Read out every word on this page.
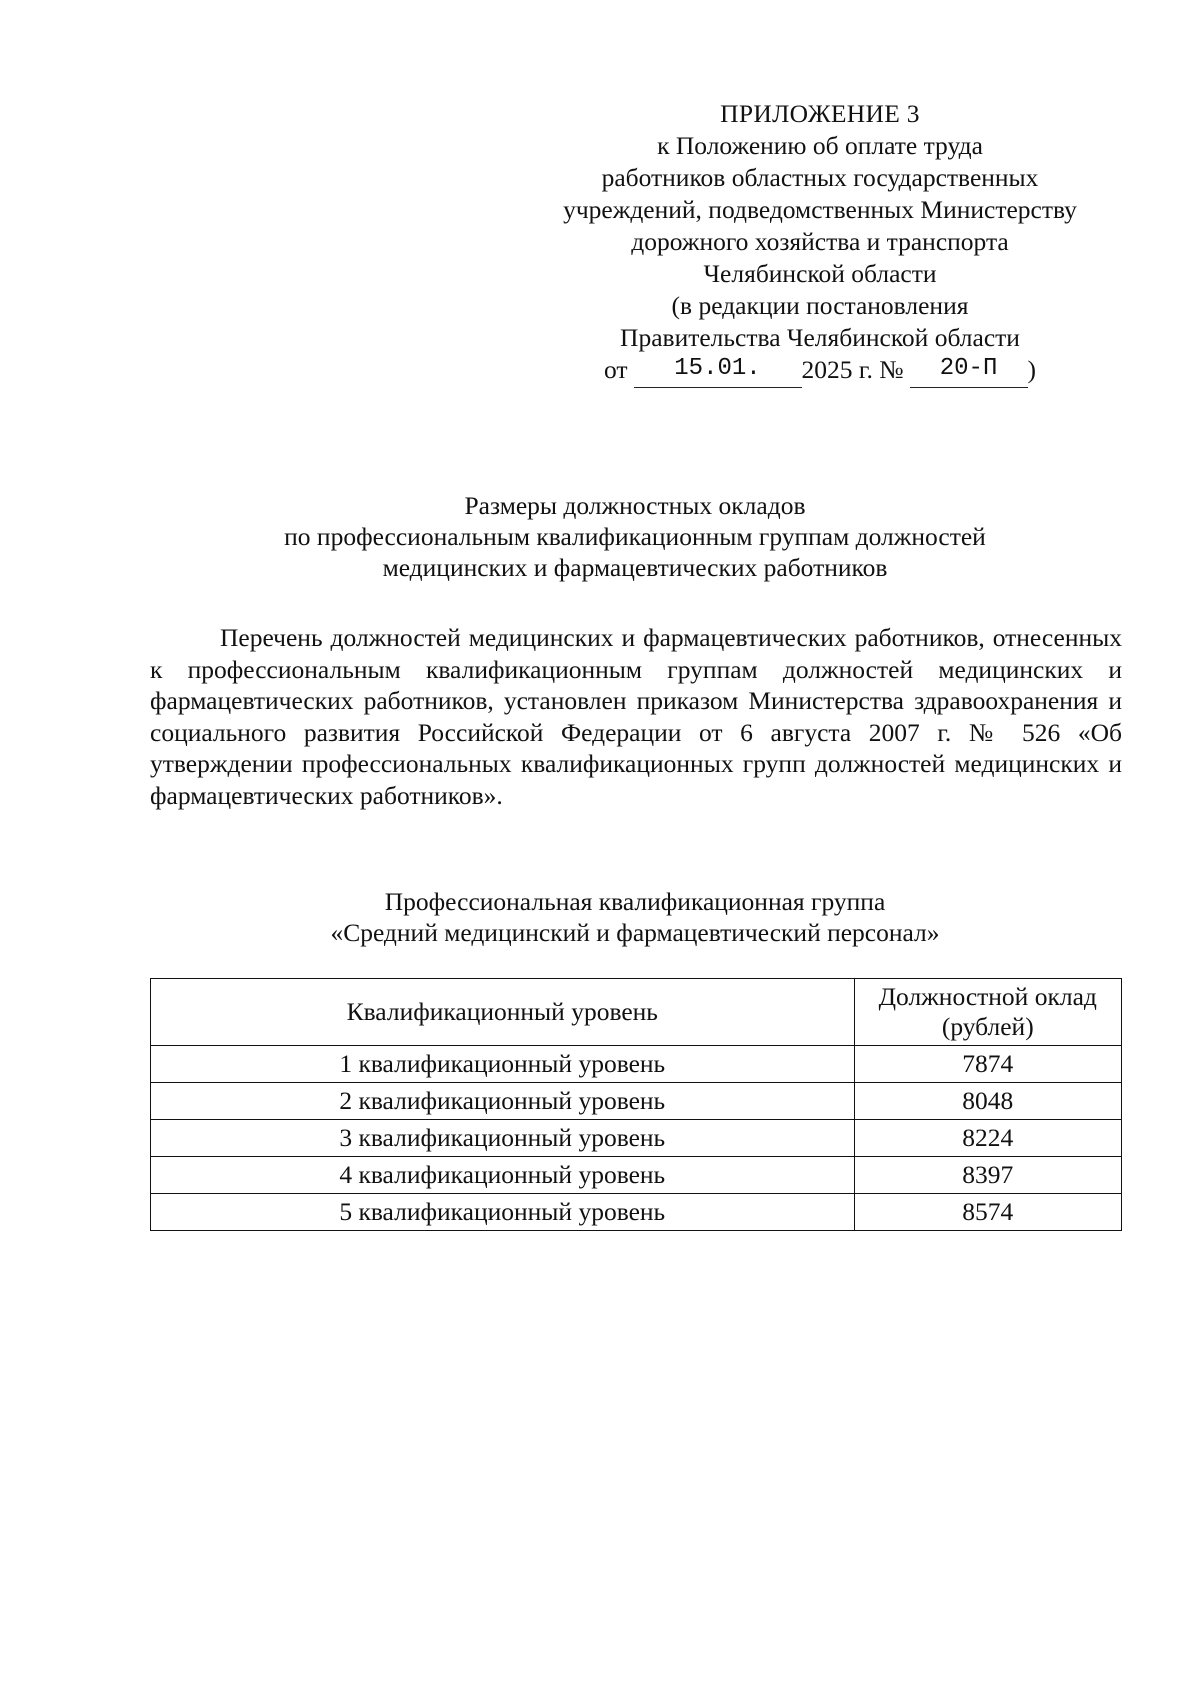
ПРИЛОЖЕНИЕ 3
к Положению об оплате труда
работников областных государственных
учреждений, подведомственных Министерству
дорожного хозяйства и транспорта
Челябинской области
(в редакции постановления
Правительства Челябинской области
от 15.01. 2025 г. № 20-П )
Размеры должностных окладов
по профессиональным квалификационным группам должностей
медицинских и фармацевтических работников
Перечень должностей медицинских и фармацевтических работников, отнесенных к профессиональным квалификационным группам должностей медицинских и фармацевтических работников, установлен приказом Министерства здравоохранения и социального развития Российской Федерации от 6 августа 2007 г. № 526 «Об утверждении профессиональных квалификационных групп должностей медицинских и фармацевтических работников».
Профессиональная квалификационная группа
«Средний медицинский и фармацевтический персонал»
Квалификационный уровень	Должностной оклад
(рублей)
1 квалификационный уровень	7874
2 квалификационный уровень	8048
3 квалификационный уровень	8224
4 квалификационный уровень	8397
5 квалификационный уровень	8574
